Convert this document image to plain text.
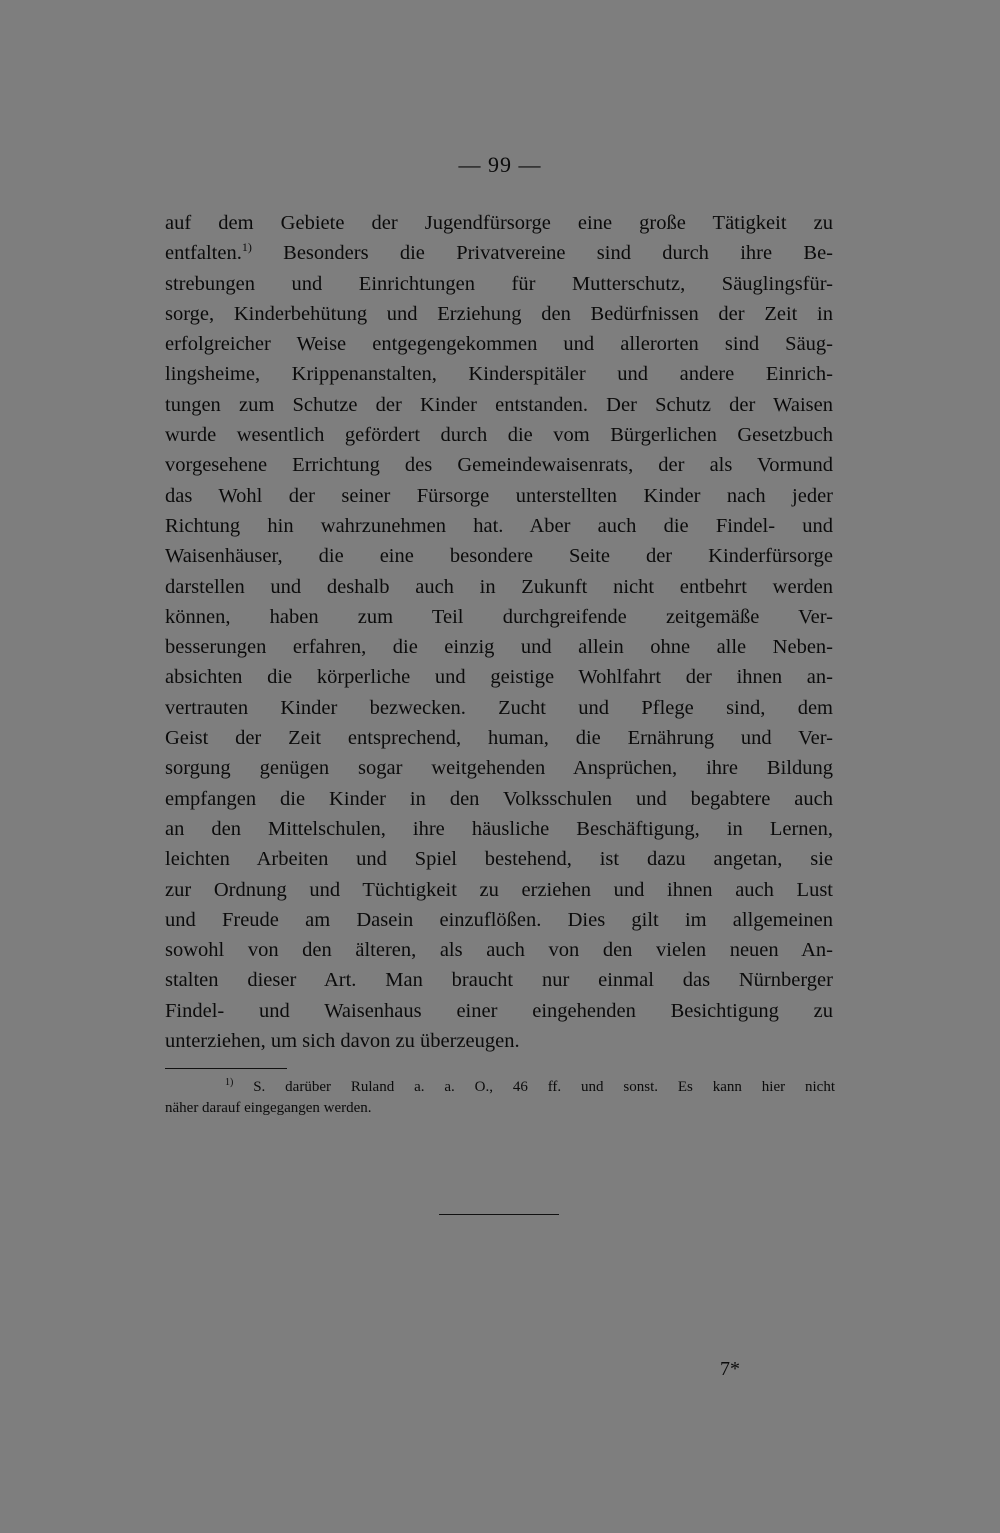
— 99 —
auf dem Gebiete der Jugendfürsorge eine große Tätigkeit zu
entfalten.$^{1)}$ Besonders die Privatvereine sind durch ihre Be-
strebungen und Einrichtungen für Mutterschutz, Säuglingsfür-
sorge, Kinderbehütung und Erziehung den Bedürfnissen der Zeit in
erfolgreicher Weise entgegengekommen und allerorten sind Säug-
lingsheime, Krippenanstalten, Kinderspitäler und andere Einrich-
tungen zum Schutze der Kinder entstanden. Der Schutz der Waisen
wurde wesentlich gefördert durch die vom Bürgerlichen Gesetzbuch
vorgesehene Errichtung des Gemeindewaisenrats, der als Vormund
das Wohl der seiner Fürsorge unterstellten Kinder nach jeder
Richtung hin wahrzunehmen hat. Aber auch die Findel- und
Waisenhäuser, die eine besondere Seite der Kinderfürsorge
darstellen und deshalb auch in Zukunft nicht entbehrt werden
können, haben zum Teil durchgreifende zeitgemäße Ver-
besserungen erfahren, die einzig und allein ohne alle Neben-
absichten die körperliche und geistige Wohlfahrt der ihnen an-
vertrauten Kinder bezwecken. Zucht und Pflege sind, dem
Geist der Zeit entsprechend, human, die Ernährung und Ver-
sorgung genügen sogar weitgehenden Ansprüchen, ihre Bildung
empfangen die Kinder in den Volksschulen und begabtere auch
an den Mittelschulen, ihre häusliche Beschäftigung, in Lernen,
leichten Arbeiten und Spiel bestehend, ist dazu angetan, sie
zur Ordnung und Tüchtigkeit zu erziehen und ihnen auch Lust
und Freude am Dasein einzuflößen. Dies gilt im allgemeinen
sowohl von den älteren, als auch von den vielen neuen An-
stalten dieser Art. Man braucht nur einmal das Nürnberger
Findel- und Waisenhaus einer eingehenden Besichtigung zu
unterziehen, um sich davon zu überzeugen.
$^{1)}$ S. darüber Ruland a. a. O., 46 ff. und sonst. Es kann hier nicht
näher darauf eingegangen werden.
7*
